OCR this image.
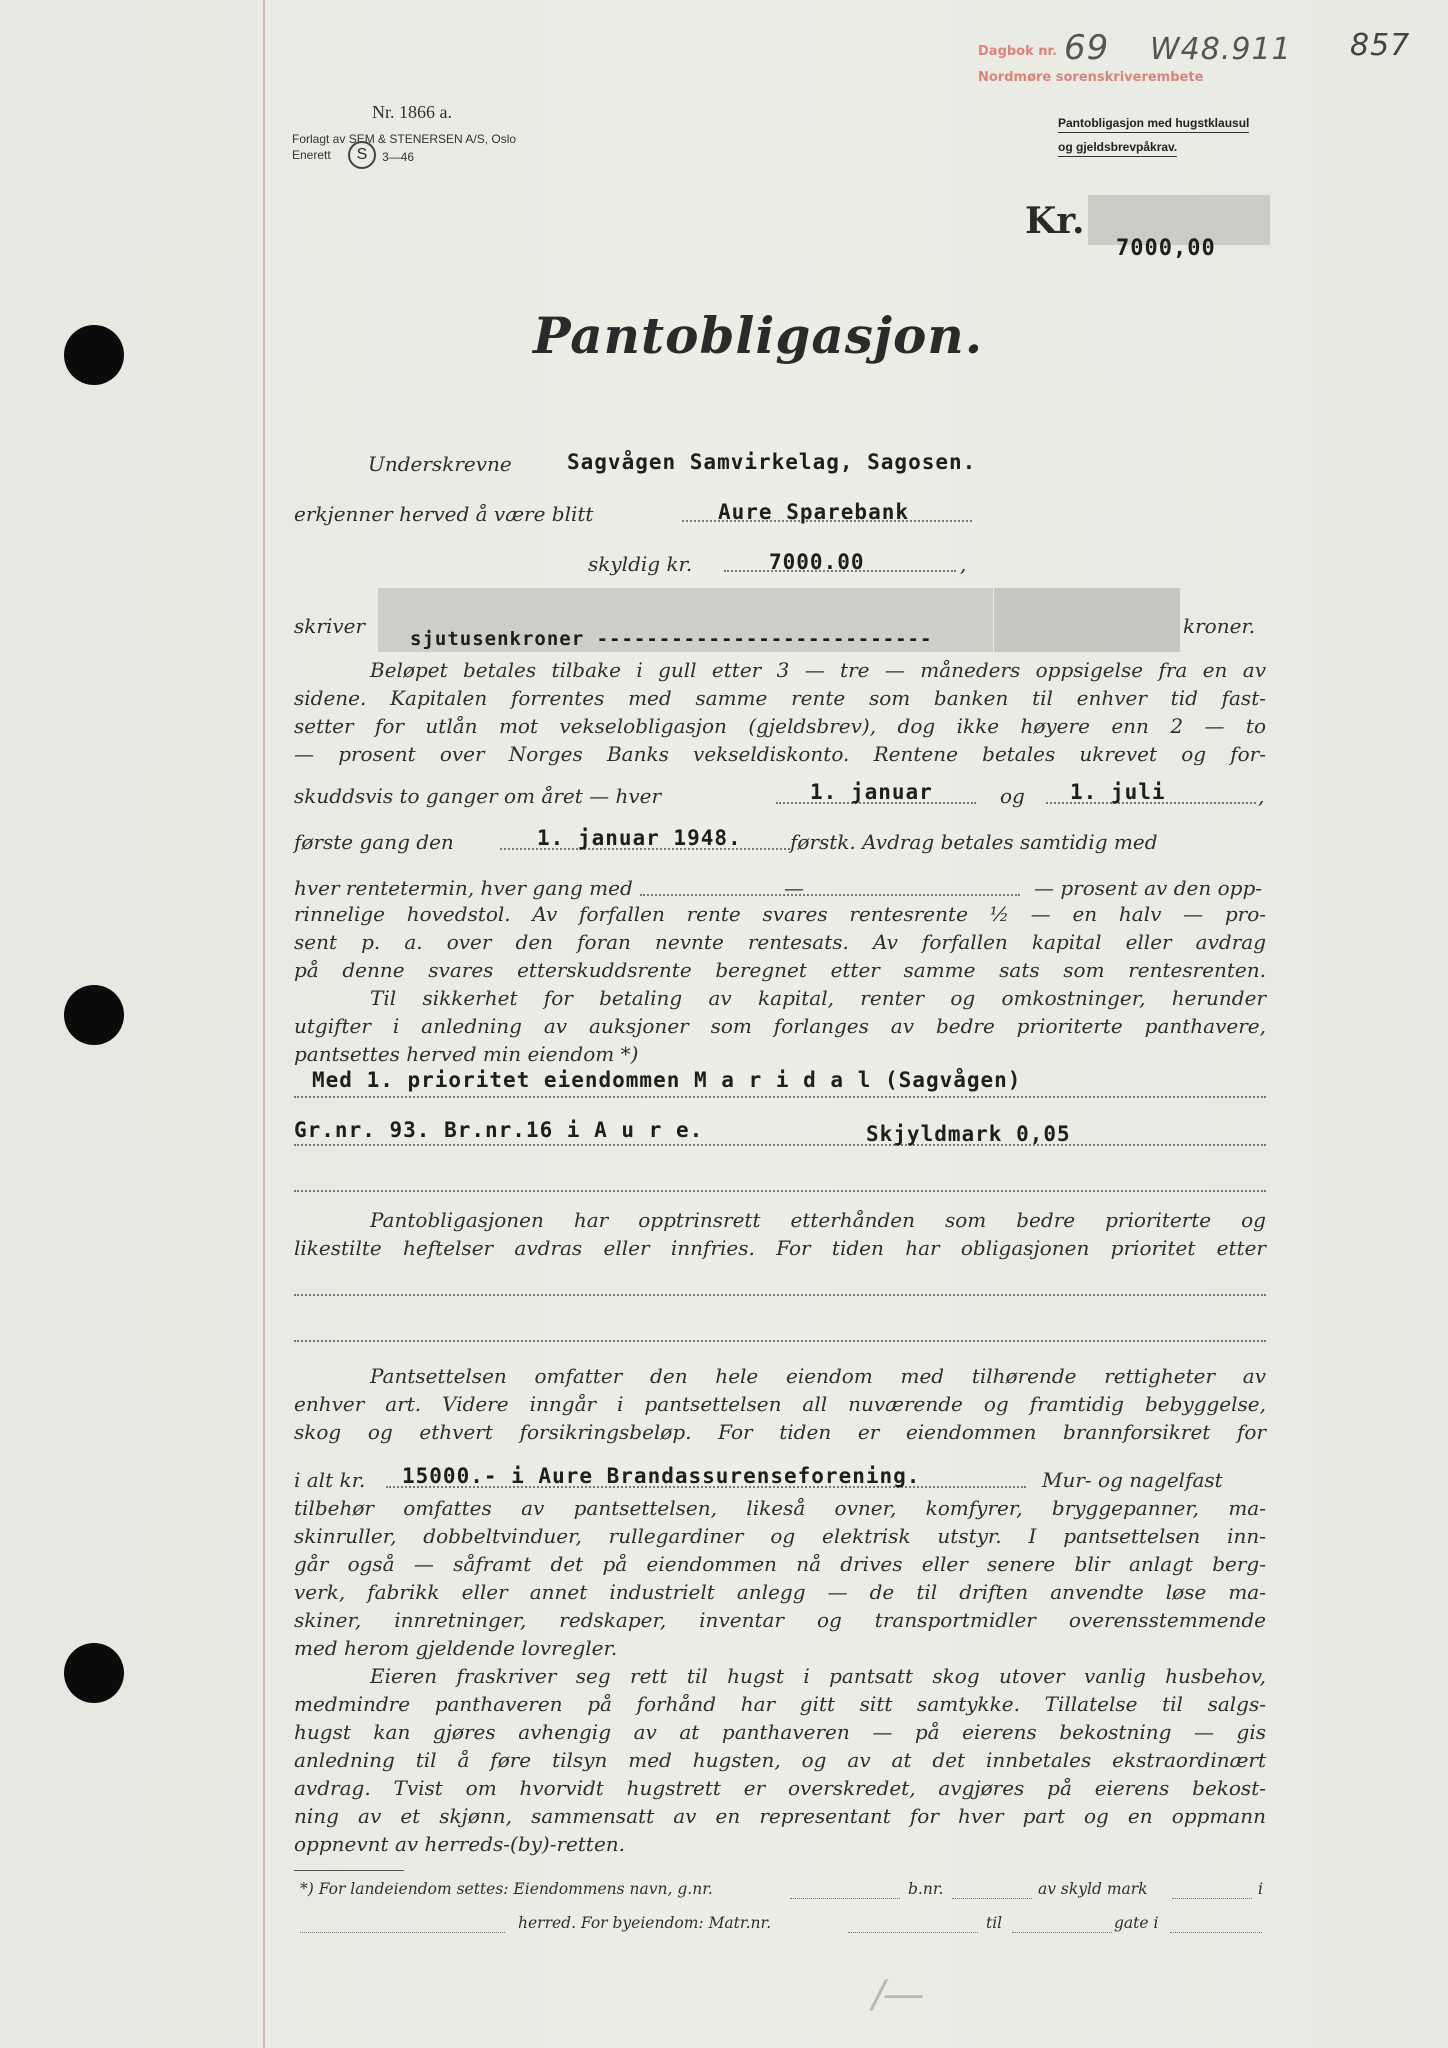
Dagbok nr. 69 W48.911 857
Nordmøre sorenskriverembete
Nr. 1866 a.
Forlagt av SEM & STENERSEN A/S, Oslo
Enerett	S	3—46
Pantobligasjon med hugstklausul
og gjeldsbrevpåkrav.
Kr.
7000,00
Pantobligasjon.
Underskrevne	Sagvågen Samvirkelag, Sagosen.
erkjenner herved å være blitt	Aure Sparebank
skyldig kr.	7000.00	,
skriver
sjutusenkroner ---------------------------
kroner.
Beløpet betales tilbake i gull etter 3 — tre — måneders oppsigelse fra en av
sidene. Kapitalen forrentes med samme rente som banken til enhver tid fast-
setter for utlån mot vekselobligasjon (gjeldsbrev), dog ikke høyere enn 2 — to
— prosent over Norges Banks vekseldiskonto. Rentene betales ukrevet og for-
skuddsvis to ganger om året — hver	1. januar	og 1. juli	,
første gang den	1. januar 1948. førstk. Avdrag betales samtidig med
hver rentetermin, hver gang med	—	— prosent av den opp-
rinnelige hovedstol. Av forfallen rente svares rentesrente ½ — en halv — pro-
sent p. a. over den foran nevnte rentesats. Av forfallen kapital eller avdrag
på denne svares etterskuddsrente beregnet etter samme sats som rentesrenten.
Til sikkerhet for betaling av kapital, renter og omkostninger, herunder
utgifter i anledning av auksjoner som forlanges av bedre prioriterte panthavere,
pantsettes herved min eiendom *)
Med 1. prioritet eiendommen M a r i d a l (Sagvågen)
Gr.nr. 93. Br.nr.16 i A u r e.	Skjyldmark 0,05
Pantobligasjonen har opptrinsrett etterhånden som bedre prioriterte og
likestilte heftelser avdras eller innfries. For tiden har obligasjonen prioritet etter
Pantsettelsen omfatter den hele eiendom med tilhørende rettigheter av
enhver art. Videre inngår i pantsettelsen all nuværende og framtidig bebyggelse,
skog og ethvert forsikringsbeløp. For tiden er eiendommen brannforsikret for
i alt kr. 15000.- i Aure Brandassurenseforening.	Mur- og nagelfast
tilbehør omfattes av pantsettelsen, likeså ovner, komfyrer, bryggepanner, ma-
skinruller, dobbeltvinduer, rullegardiner og elektrisk utstyr. I pantsettelsen inn-
går også — såframt det på eiendommen nå drives eller senere blir anlagt berg-
verk, fabrikk eller annet industrielt anlegg — de til driften anvendte løse ma-
skiner, innretninger, redskaper, inventar og transportmidler overensstemmende
med herom gjeldende lovregler.
Eieren fraskriver seg rett til hugst i pantsatt skog utover vanlig husbehov,
medmindre panthaveren på forhånd har gitt sitt samtykke. Tillatelse til salgs-
hugst kan gjøres avhengig av at panthaveren — på eierens bekostning — gis
anledning til å føre tilsyn med hugsten, og av at det innbetales ekstraordinært
avdrag. Tvist om hvorvidt hugstrett er overskredet, avgjøres på eierens bekost-
ning av et skjønn, sammensatt av en representant for hver part og en oppmann
oppnevnt av herreds-(by)-retten.
*) For landeiendom settes: Eiendommens navn, g.nr.	b.nr.	av skyld mark	i
herred. For byeiendom: Matr.nr.	til	gate i
∕―
